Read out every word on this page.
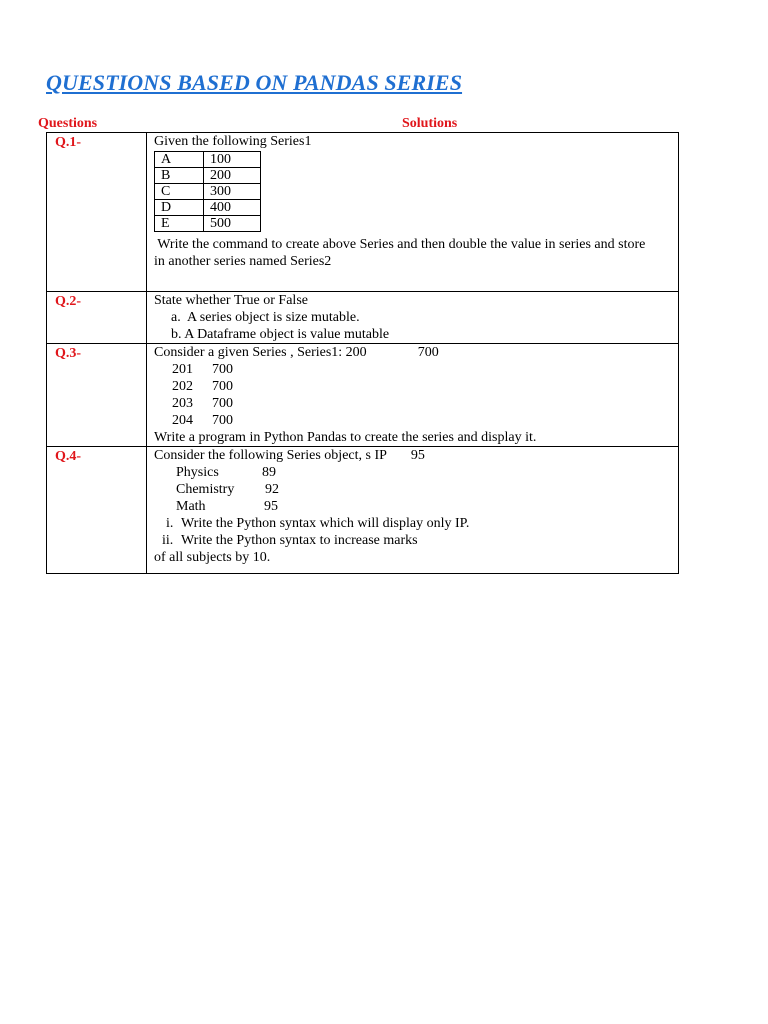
QUESTIONS BASED ON PANDAS SERIES
Questions	Solutions
Q.1-	Given the following Series1
A	100
B	200
C	300
D	400
E	500
Write the command to create above Series and then double the value in series and store
in another series named Series2

Q.2-	State whether True or False
a. A series object is size mutable.
b. A Dataframe object is value mutable

Q.3-	Consider a given Series , Series1: 200	700
201 700
202 700
203 700
204 700
Write a program in Python Pandas to create the series and display it.

Q.4-	Consider the following Series object, s IP 95
Physics	89
Chemistry 92
Math	95
i. Write the Python syntax which will display only IP.
ii. Write the Python syntax to increase marks
of all subjects by 10.
